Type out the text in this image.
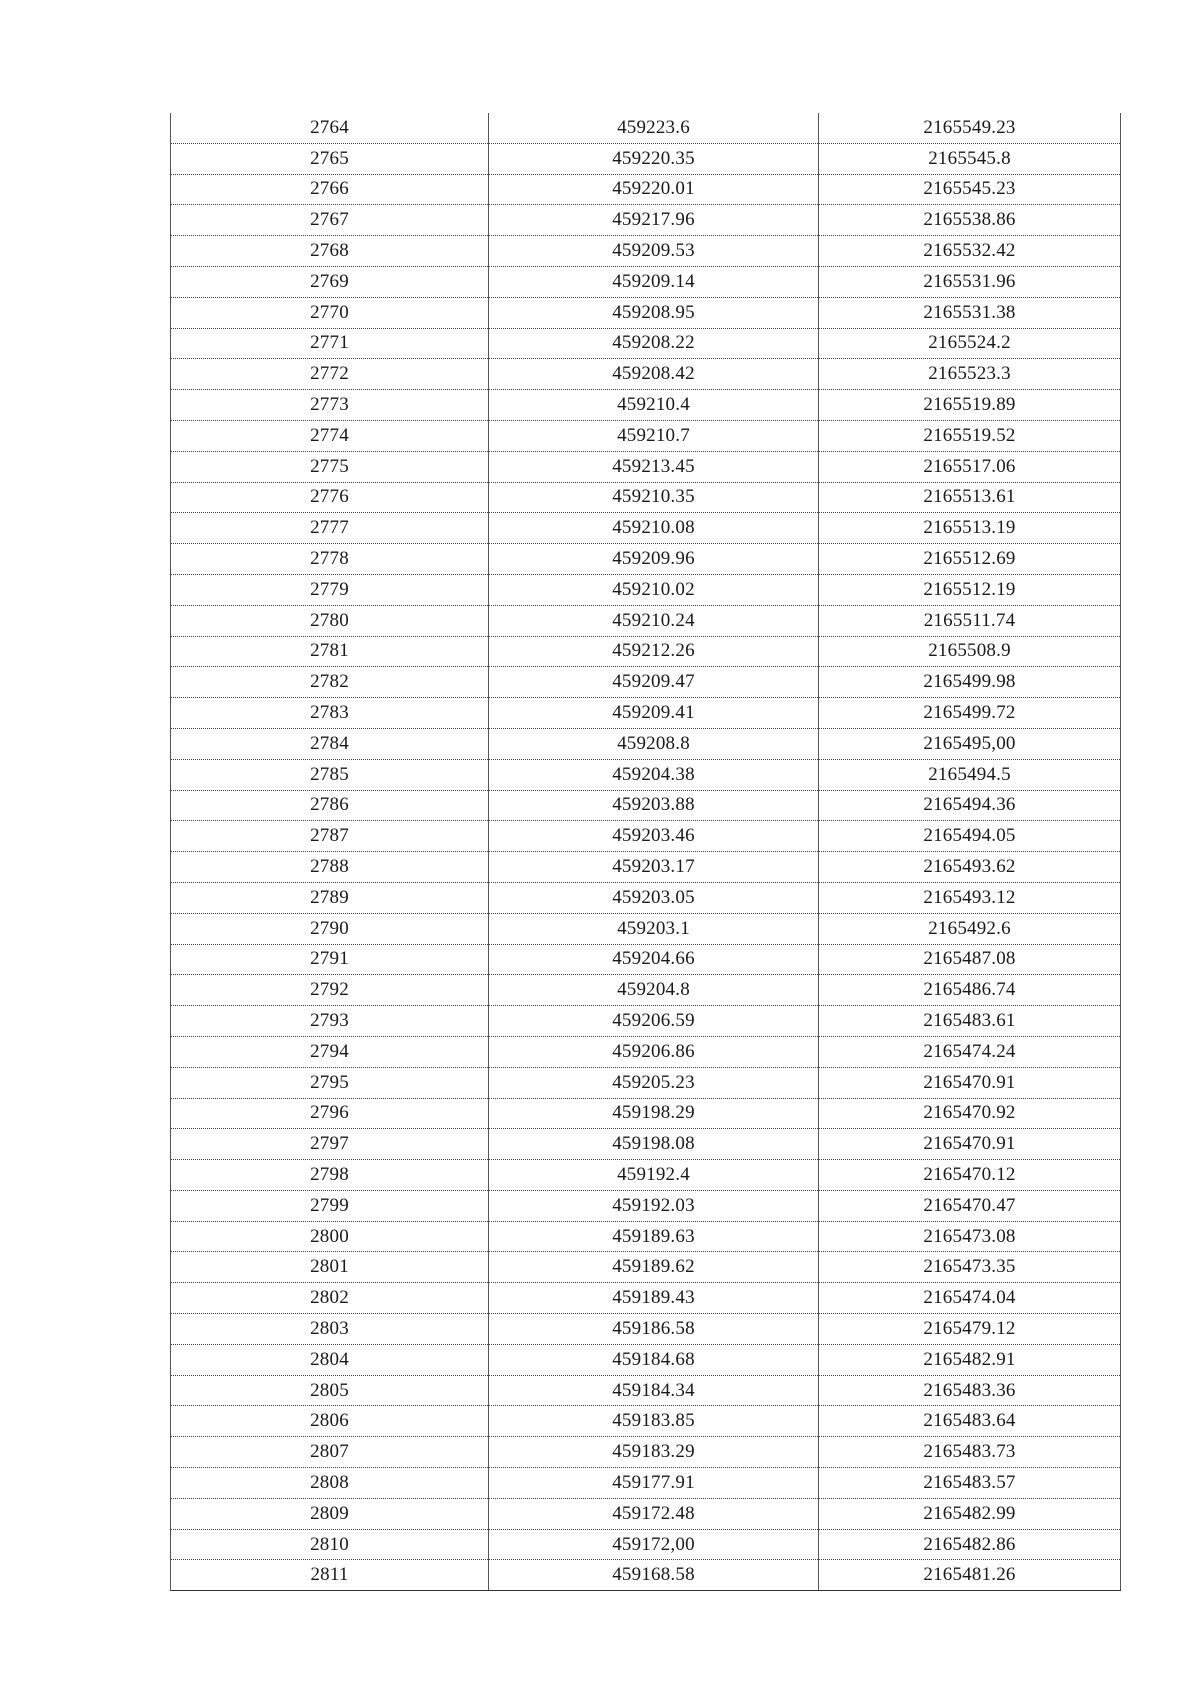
2764	459223.6	2165549.23
2765	459220.35	2165545.8
2766	459220.01	2165545.23
2767	459217.96	2165538.86
2768	459209.53	2165532.42
2769	459209.14	2165531.96
2770	459208.95	2165531.38
2771	459208.22	2165524.2
2772	459208.42	2165523.3
2773	459210.4	2165519.89
2774	459210.7	2165519.52
2775	459213.45	2165517.06
2776	459210.35	2165513.61
2777	459210.08	2165513.19
2778	459209.96	2165512.69
2779	459210.02	2165512.19
2780	459210.24	2165511.74
2781	459212.26	2165508.9
2782	459209.47	2165499.98
2783	459209.41	2165499.72
2784	459208.8	2165495,00
2785	459204.38	2165494.5
2786	459203.88	2165494.36
2787	459203.46	2165494.05
2788	459203.17	2165493.62
2789	459203.05	2165493.12
2790	459203.1	2165492.6
2791	459204.66	2165487.08
2792	459204.8	2165486.74
2793	459206.59	2165483.61
2794	459206.86	2165474.24
2795	459205.23	2165470.91
2796	459198.29	2165470.92
2797	459198.08	2165470.91
2798	459192.4	2165470.12
2799	459192.03	2165470.47
2800	459189.63	2165473.08
2801	459189.62	2165473.35
2802	459189.43	2165474.04
2803	459186.58	2165479.12
2804	459184.68	2165482.91
2805	459184.34	2165483.36
2806	459183.85	2165483.64
2807	459183.29	2165483.73
2808	459177.91	2165483.57
2809	459172.48	2165482.99
2810	459172,00	2165482.86
2811	459168.58	2165481.26
